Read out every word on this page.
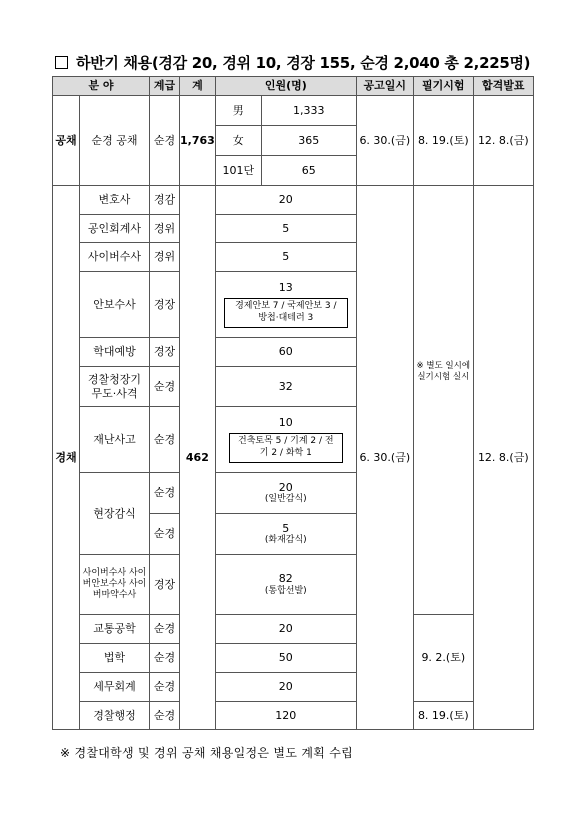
하반기 채용(경감 20, 경위 10, 경장 155, 순경 2,040 총 2,225명)
분 야		계급	계	인원(명)		공고일시	필기시험	합격발표
공채	순경 공채	순경	1,763	男	1,333	6. 30.(금)	8. 19.(토)	12. 8.(금)
				女	365			
				101단	65			
경채	변호사	경감	462	20		6. 30.(금)	※ 별도 일시에 실기시험 실시	12. 8.(금)
	공인회계사	경위		5				
	사이버수사	경위		5				
	안보수사	경장		13
경제안보 7 / 국제안보 3 / 방첩·대테러 3				
	학대예방	경장		60				

	경찰청장기 무도·사격	순경		32				
	재난사고	순경		10
건축토목 5 / 기계 2 / 전기 2 / 화학 1				
	현장감식	순경		20
(일반감식)				

		순경		5
(화재감식)				

	사이버수사 사이버안보수사 사이버마약수사	경장		82
(통합선발)				

	교통공학	순경		20			9. 2.(토)	
	법학	순경		50				
	세무회계	순경		20				
	경찰행정	순경		120			8. 19.(토)	
※ 경찰대학생 및 경위 공채 채용일정은 별도 계획 수립
